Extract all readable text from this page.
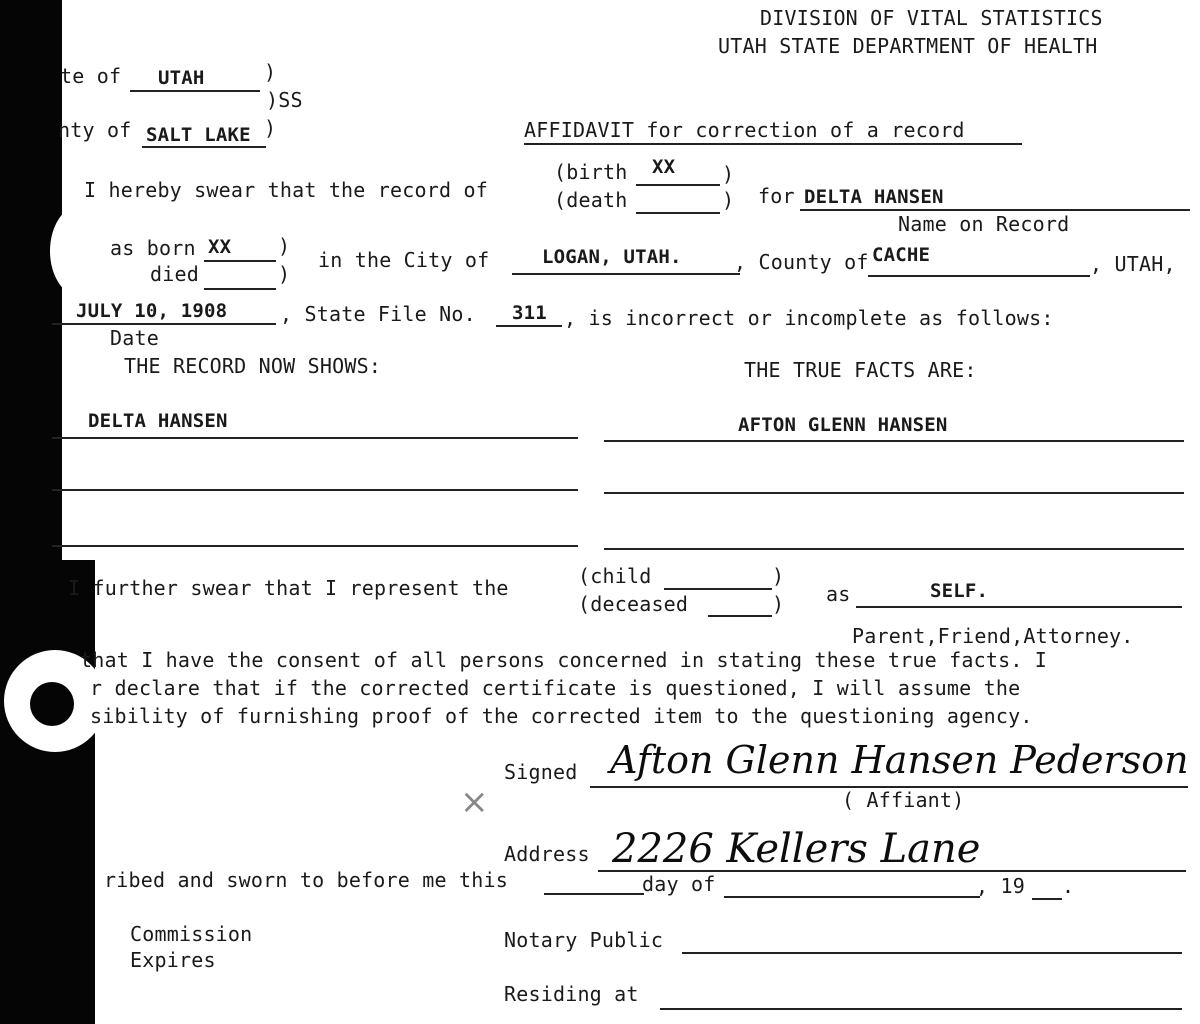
DIVISION OF VITAL STATISTICS
UTAH STATE DEPARTMENT OF HEALTH
te of UTAH	)
)SS
nty of SALT LAKE )	AFFIDAVIT for correction of a record
I hereby swear that the record of
(birth XX )
(death	) for DELTA HANSEN
Name on Record
as born XX )
died	)
in the City of	LOGAN, UTAH.	, County of CACHE	, UTAH,
JULY 10, 1908	, State File No. 311 , is incorrect or incomplete as follows:
Date
THE RECORD NOW SHOWS:	THE TRUE FACTS ARE:
DELTA HANSEN	AFTON GLENN HANSEN
I further swear that I represent the	(child	)
(deceased	) as	SELF.
Parent,Friend,Attorney.
that I have the consent of all persons concerned in stating these true facts. I
r declare that if the corrected certificate is questioned, I will assume the
sibility of furnishing proof of the corrected item to the questioning agency.
Signed Afton Glenn Hansen Pederson
( Affiant)
×
Address 2226 Kellers Lane
ribed and sworn to before me this	day of	, 19 .
Commission
Expires
Notary Public
Residing at
